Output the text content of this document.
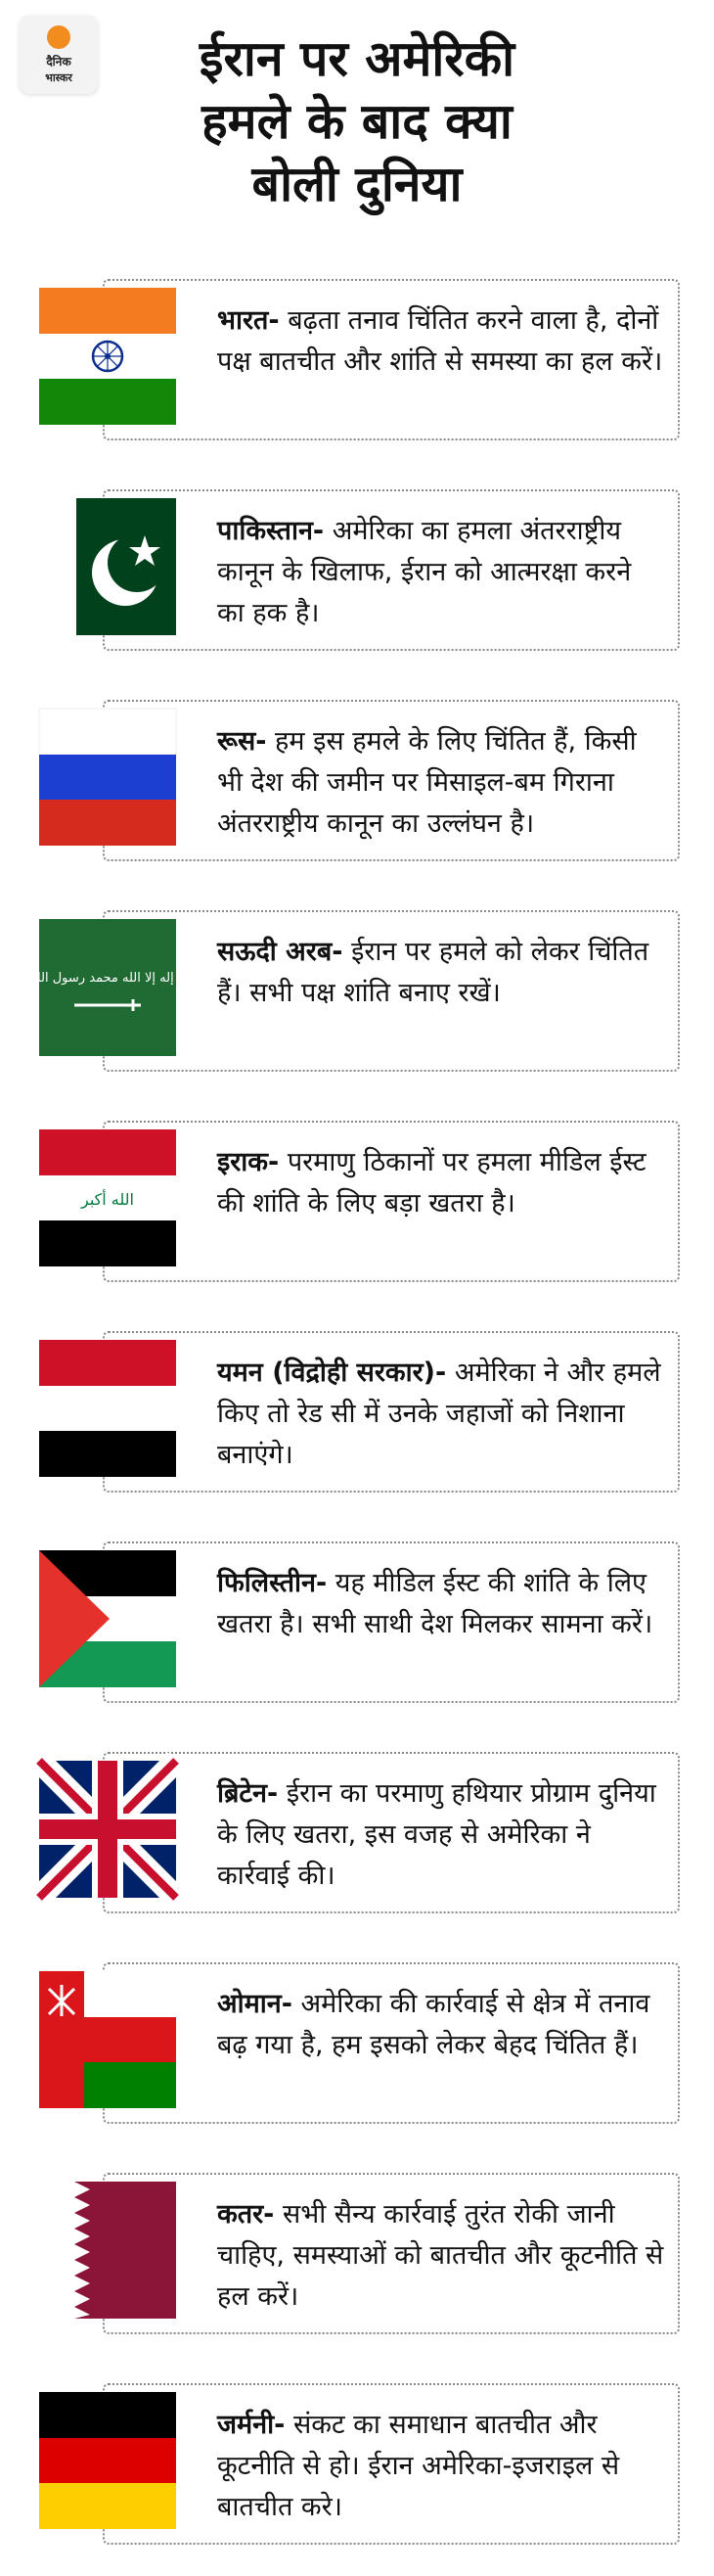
दैनिक
भास्कर	ईरान पर अमेरिकी
हमले के बाद क्या
बोली दुनिया
भारत- बढ़ता तनाव चिंतित करने वाला है, दोनों पक्ष बातचीत और शांति से समस्या का हल करें।
पाकिस्तान- अमेरिका का हमला अंतरराष्ट्रीय कानून के खिलाफ, ईरान को आत्मरक्षा करने का हक है।
रूस- हम इस हमले के लिए चिंतित हैं, किसी भी देश की जमीन पर मिसाइल-बम गिराना अंतरराष्ट्रीय कानून का उल्लंघन है।
सऊदी अरब- ईरान पर हमले को लेकर चिंतित हैं। सभी पक्ष शांति बनाए रखें।
لا إله إلا الله محمد رسول الله
इराक- परमाणु ठिकानों पर हमला मीडिल ईस्ट की शांति के लिए बड़ा खतरा है।
الله أكبر
यमन (विद्रोही सरकार)- अमेरिका ने और हमले किए तो रेड सी में उनके जहाजों को निशाना बनाएंगे।
फिलिस्तीन- यह मीडिल ईस्ट की शांति के लिए खतरा है। सभी साथी देश मिलकर सामना करें।
ब्रिटेन- ईरान का परमाणु हथियार प्रोग्राम दुनिया के लिए खतरा, इस वजह से अमेरिका ने कार्रवाई की।
ओमान- अमेरिका की कार्रवाई से क्षेत्र में तनाव बढ़ गया है, हम इसको लेकर बेहद चिंतित हैं।
कतर- सभी सैन्य कार्रवाई तुरंत रोकी जानी चाहिए, समस्याओं को बातचीत और कूटनीति से हल करें।
जर्मनी- संकट का समाधान बातचीत और कूटनीति से हो। ईरान अमेरिका-इजराइल से बातचीत करे।
